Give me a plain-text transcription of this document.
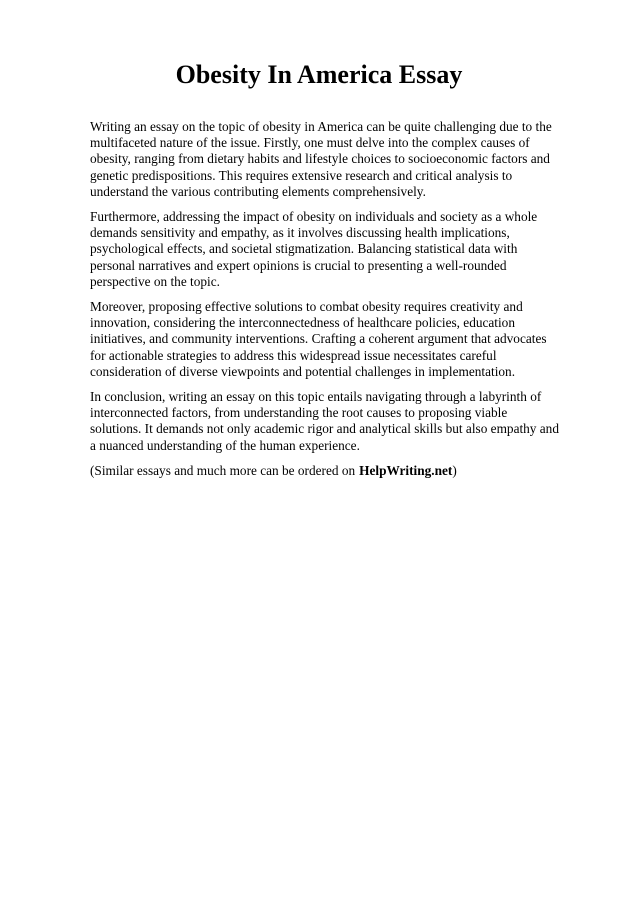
Obesity In America Essay

Writing an essay on the topic of obesity in America can be quite challenging due to the multifaceted nature of the issue. Firstly, one must delve into the complex causes of obesity, ranging from dietary habits and lifestyle choices to socioeconomic factors and genetic predispositions. This requires extensive research and critical analysis to understand the various contributing elements comprehensively.

Furthermore, addressing the impact of obesity on individuals and society as a whole demands sensitivity and empathy, as it involves discussing health implications, psychological effects, and societal stigmatization. Balancing statistical data with personal narratives and expert opinions is crucial to presenting a well-rounded perspective on the topic.

Moreover, proposing effective solutions to combat obesity requires creativity and innovation, considering the interconnectedness of healthcare policies, education initiatives, and community interventions. Crafting a coherent argument that advocates for actionable strategies to address this widespread issue necessitates careful consideration of diverse viewpoints and potential challenges in implementation.

In conclusion, writing an essay on this topic entails navigating through a labyrinth of interconnected factors, from understanding the root causes to proposing viable solutions. It demands not only academic rigor and analytical skills but also empathy and a nuanced understanding of the human experience.

(Similar essays and much more can be ordered on HelpWriting.net)
